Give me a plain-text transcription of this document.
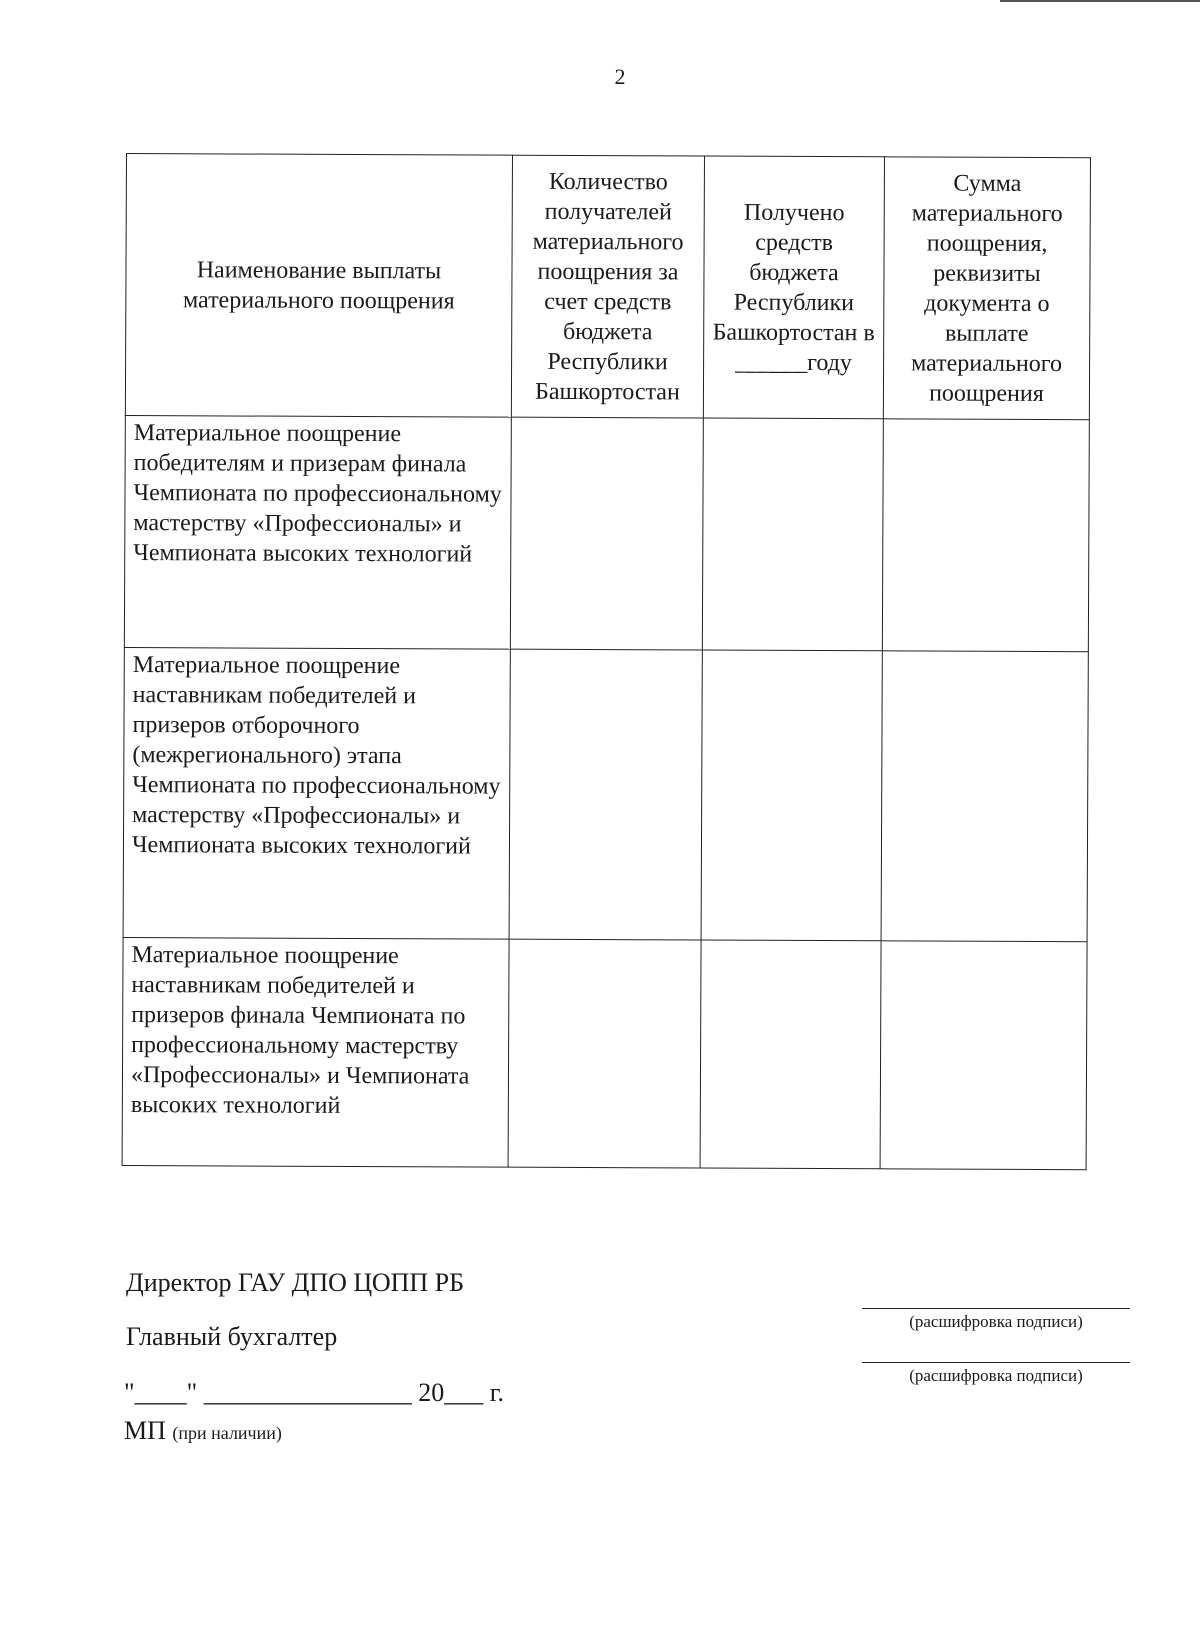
2
Наименование выплаты материального поощрения	Количество получателей материального поощрения за счет средств бюджета Республики Башкортостан	Получено средств бюджета Республики Башкортостан в ______году	Сумма материального поощрения, реквизиты документа о выплате материального поощрения
Материальное поощрение победителям и призерам финала Чемпионата по профессиональному мастерству «Профессионалы» и Чемпионата высоких технологий			
Материальное поощрение наставникам победителей и призеров отборочного (межрегионального) этапа Чемпионата по профессиональному мастерству «Профессионалы» и Чемпионата высоких технологий			
Материальное поощрение наставникам победителей и призеров финала Чемпионата по профессиональному мастерству «Профессионалы» и Чемпионата высоких технологий			
Директор ГАУ ДПО ЦОПП РБ
(расшифровка подписи)
Главный бухгалтер
(расшифровка подписи)
"____" ________________ 20___ г.
МП (при наличии)
